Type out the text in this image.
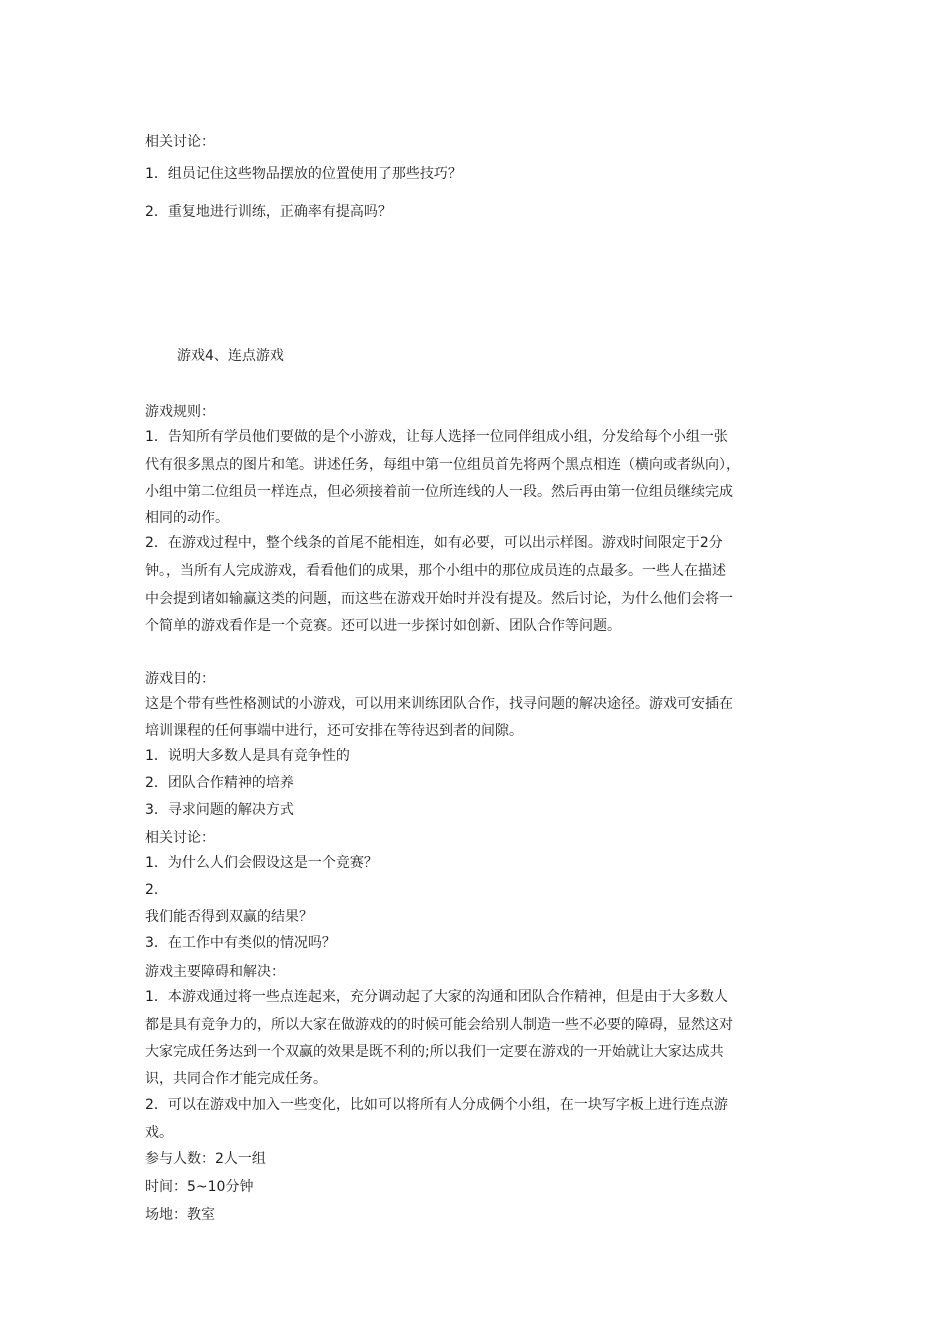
相关讨论：
1．组员记住这些物品摆放的位置使用了那些技巧？
2．重复地进行训练，正确率有提高吗？
游戏4、连点游戏
游戏规则：
1．告知所有学员他们要做的是个小游戏，让每人选择一位同伴组成小组，分发给每个小组一张
代有很多黑点的图片和笔。讲述任务，每组中第一位组员首先将两个黑点相连（横向或者纵向），
小组中第二位组员一样连点，但必须接着前一位所连线的人一段。然后再由第一位组员继续完成
相同的动作。
2．在游戏过程中，整个线条的首尾不能相连，如有必要，可以出示样图。游戏时间限定于2分
钟。，当所有人完成游戏，看看他们的成果，那个小组中的那位成员连的点最多。一些人在描述
中会提到诸如输赢这类的问题，而这些在游戏开始时并没有提及。然后讨论，为什么他们会将一
个简单的游戏看作是一个竞赛。还可以进一步探讨如创新、团队合作等问题。
游戏目的：
这是个带有些性格测试的小游戏，可以用来训练团队合作，找寻问题的解决途径。游戏可安插在
培训课程的任何事端中进行，还可安排在等待迟到者的间隙。
1．说明大多数人是具有竞争性的
2．团队合作精神的培养
3．寻求问题的解决方式
相关讨论：
1．为什么人们会假设这是一个竞赛？
2．
我们能否得到双赢的结果？
3．在工作中有类似的情况吗？
游戏主要障碍和解决：
1．本游戏通过将一些点连起来，充分调动起了大家的沟通和团队合作精神，但是由于大多数人
都是具有竞争力的，所以大家在做游戏的的时候可能会给别人制造一些不必要的障碍，显然这对
大家完成任务达到一个双赢的效果是既不利的;所以我们一定要在游戏的一开始就让大家达成共
识，共同合作才能完成任务。
2．可以在游戏中加入一些变化，比如可以将所有人分成俩个小组，在一块写字板上进行连点游
戏。
参与人数：2人一组
时间：5~10分钟
场地：教室
